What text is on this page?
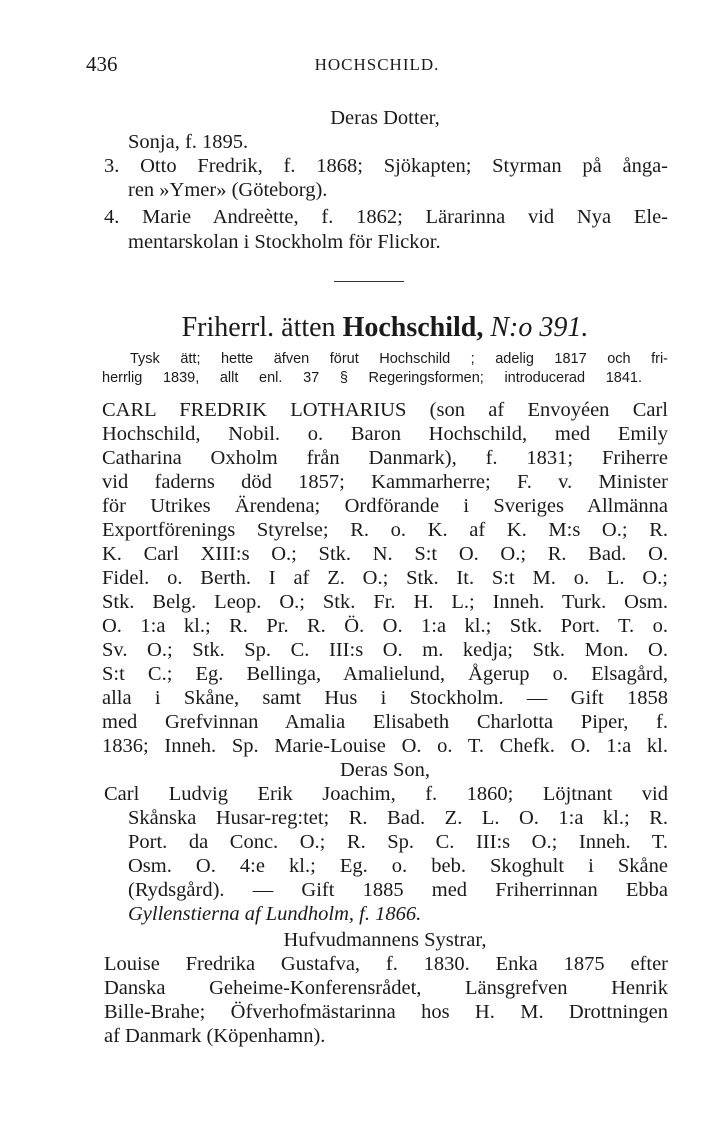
436	HOCHSCHILD.
Deras Dotter,
Sonja, f. 1895.
3. Otto Fredrik, f. 1868; Sjökapten; Styrman på ånga-
ren »Ymer» (Göteborg).
4. Marie Andreètte, f. 1862; Lärarinna vid Nya Ele-
mentarskolan i Stockholm för Flickor.
Friherrl. ätten Hochschild, N:o 391.
Tysk ätt; hette äfven förut Hochschild ; adelig 1817 och fri-
herrlig 1839, allt enl. 37 § Regeringsformen; introducerad 1841.
CARL FREDRIK LOTHARIUS (son af Envoyéen Carl
Hochschild, Nobil. o. Baron Hochschild, med Emily
Catharina Oxholm från Danmark), f. 1831; Friherre
vid faderns död 1857; Kammarherre; F. v. Minister
för Utrikes Ärendena; Ordförande i Sveriges Allmänna
Exportförenings Styrelse; R. o. K. af K. M:s O.; R.
K. Carl XIII:s O.; Stk. N. S:t O. O.; R. Bad. O.
Fidel. o. Berth. I af Z. O.; Stk. It. S:t M. o. L. O.;
Stk. Belg. Leop. O.; Stk. Fr. H. L.; Inneh. Turk. Osm.
O. 1:a kl.; R. Pr. R. Ö. O. 1:a kl.; Stk. Port. T. o.
Sv. O.; Stk. Sp. C. III:s O. m. kedja; Stk. Mon. O.
S:t C.; Eg. Bellinga, Amalielund, Ågerup o. Elsagård,
alla i Skåne, samt Hus i Stockholm. — Gift 1858
med Grefvinnan Amalia Elisabeth Charlotta Piper, f.
1836; Inneh. Sp. Marie-Louise O. o. T. Chefk. O. 1:a kl.
Deras Son,
Carl Ludvig Erik Joachim, f. 1860; Löjtnant vid
Skånska Husar-reg:tet; R. Bad. Z. L. O. 1:a kl.; R.
Port. da Conc. O.; R. Sp. C. III:s O.; Inneh. T.
Osm. O. 4:e kl.; Eg. o. beb. Skoghult i Skåne
(Rydsgård). — Gift 1885 med Friherrinnan Ebba
Gyllenstierna af Lundholm, f. 1866.
Hufvudmannens Systrar,
Louise Fredrika Gustafva, f. 1830. Enka 1875 efter
Danska Geheime-Konferensrådet, Länsgrefven Henrik
Bille-Brahe; Öfverhofmästarinna hos H. M. Drottningen
af Danmark (Köpenhamn).
